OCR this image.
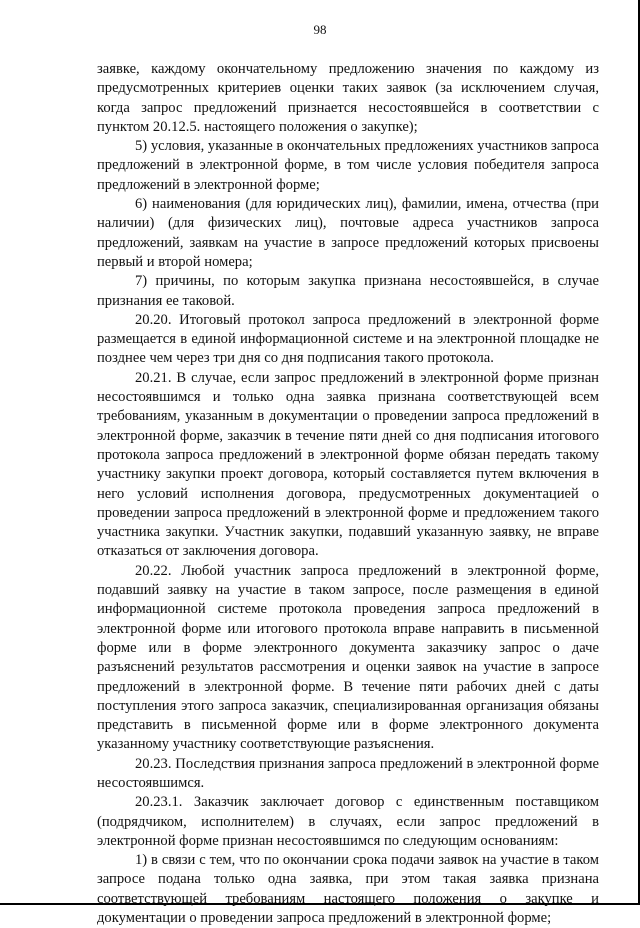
98

заявке, каждому окончательному предложению значения по каждому из предусмотренных критериев оценки таких заявок (за исключением случая, когда запрос предложений признается несостоявшейся в соответствии с пунктом 20.12.5. настоящего положения о закупке);

5) условия, указанные в окончательных предложениях участников запроса предложений в электронной форме, в том числе условия победителя запроса предложений в электронной форме;

6) наименования (для юридических лиц), фамилии, имена, отчества (при наличии) (для физических лиц), почтовые адреса участников запроса предложений, заявкам на участие в запросе предложений которых присвоены первый и второй номера;

7) причины, по которым закупка признана несостоявшейся, в случае признания ее таковой.

20.20. Итоговый протокол запроса предложений в электронной форме размещается в единой информационной системе и на электронной площадке не позднее чем через три дня со дня подписания такого протокола.

20.21. В случае, если запрос предложений в электронной форме признан несостоявшимся и только одна заявка признана соответствующей всем требованиям, указанным в документации о проведении запроса предложений в электронной форме, заказчик в течение пяти дней со дня подписания итогового протокола запроса предложений в электронной форме обязан передать такому участнику закупки проект договора, который составляется путем включения в него условий исполнения договора, предусмотренных документацией о проведении запроса предложений в электронной форме и предложением такого участника закупки. Участник закупки, подавший указанную заявку, не вправе отказаться от заключения договора.

20.22. Любой участник запроса предложений в электронной форме, подавший заявку на участие в таком запросе, после размещения в единой информационной системе протокола проведения запроса предложений в электронной форме или итогового протокола вправе направить в письменной форме или в форме электронного документа заказчику запрос о даче разъяснений результатов рассмотрения и оценки заявок на участие в запросе предложений в электронной форме. В течение пяти рабочих дней с даты поступления этого запроса заказчик, специализированная организация обязаны представить в письменной форме или в форме электронного документа указанному участнику соответствующие разъяснения.

20.23. Последствия признания запроса предложений в электронной форме несостоявшимся.

20.23.1. Заказчик заключает договор с единственным поставщиком (подрядчиком, исполнителем) в случаях, если запрос предложений в электронной форме признан несостоявшимся по следующим основаниям:

1) в связи с тем, что по окончании срока подачи заявок на участие в таком запросе подана только одна заявка, при этом такая заявка признана соответствующей требованиям настоящего положения о закупке и документации о проведении запроса предложений в электронной форме;
